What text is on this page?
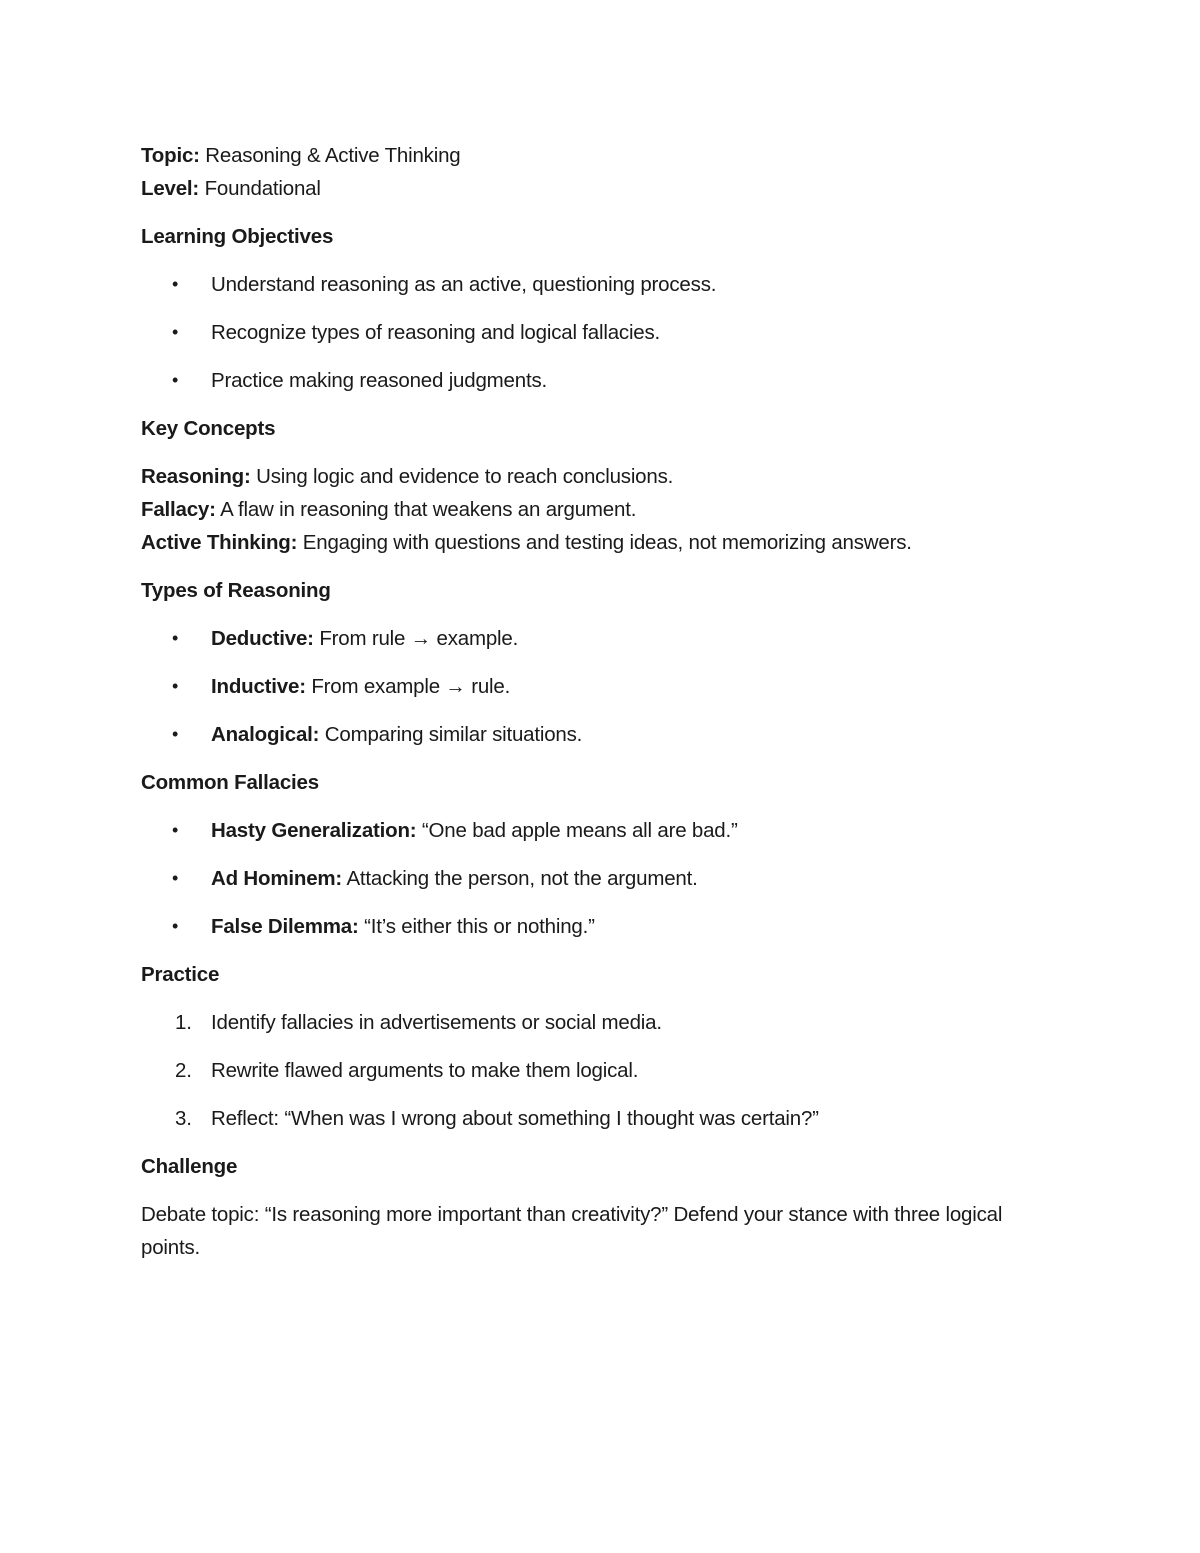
Topic: Reasoning & Active Thinking

Level: Foundational

Learning Objectives

• Understand reasoning as an active, questioning process.
• Recognize types of reasoning and logical fallacies.
• Practice making reasoned judgments.

Key Concepts

Reasoning: Using logic and evidence to reach conclusions.

Fallacy: A flaw in reasoning that weakens an argument.

Active Thinking: Engaging with questions and testing ideas, not memorizing answers.

Types of Reasoning

• Deductive: From rule → example.
• Inductive: From example → rule.
• Analogical: Comparing similar situations.

Common Fallacies

• Hasty Generalization: “One bad apple means all are bad.”
• Ad Hominem: Attacking the person, not the argument.
• False Dilemma: “It’s either this or nothing.”

Practice

1. Identify fallacies in advertisements or social media.
2. Rewrite flawed arguments to make them logical.
3. Reflect: “When was I wrong about something I thought was certain?”

Challenge

Debate topic: “Is reasoning more important than creativity?” Defend your stance with three logical points.
